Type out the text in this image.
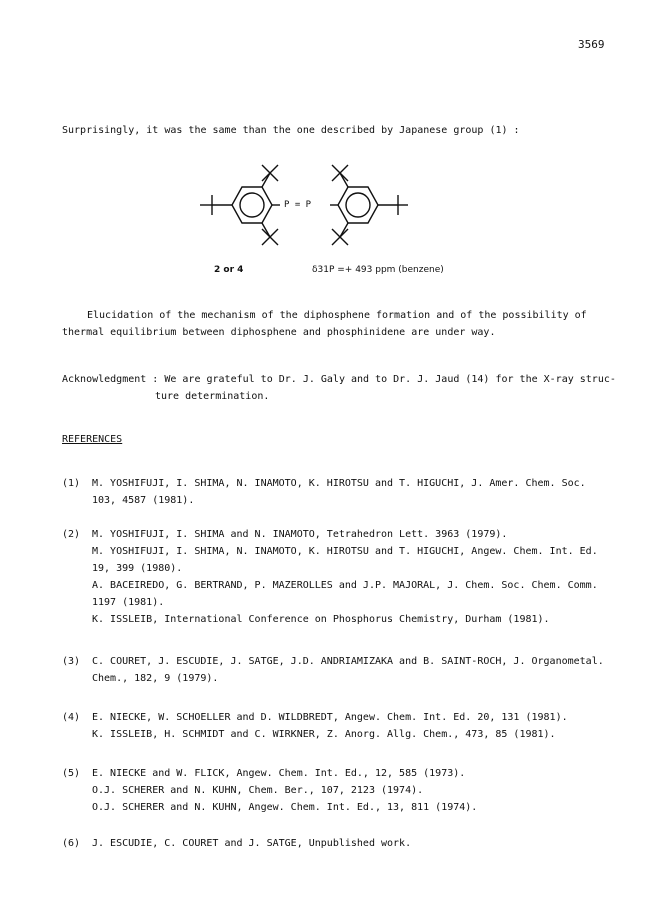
3569
Surprisingly, it was the same than the one described by Japanese group (1) :
P = P
2 or 4	δ31P =+ 493 ppm (benzene)
Elucidation of the mechanism of the diphosphene formation and of the possibility of
thermal equilibrium between diphosphene and phosphinidene are under way.
Acknowledgment : We are grateful to Dr. J. Galy and to Dr. J. Jaud (14) for the X-ray struc-
ture determination.
REFERENCES
(1) M. YOSHIFUJI, I. SHIMA, N. INAMOTO, K. HIROTSU and T. HIGUCHI, J. Amer. Chem. Soc.
103, 4587 (1981).
(2) M. YOSHIFUJI, I. SHIMA and N. INAMOTO, Tetrahedron Lett. 3963 (1979).
M. YOSHIFUJI, I. SHIMA, N. INAMOTO, K. HIROTSU and T. HIGUCHI, Angew. Chem. Int. Ed.
19, 399 (1980).
A. BACEIREDO, G. BERTRAND, P. MAZEROLLES and J.P. MAJORAL, J. Chem. Soc. Chem. Comm.
1197 (1981).
K. ISSLEIB, International Conference on Phosphorus Chemistry, Durham (1981).
(3) C. COURET, J. ESCUDIE, J. SATGE, J.D. ANDRIAMIZAKA and B. SAINT-ROCH, J. Organometal.
Chem., 182, 9 (1979).
(4) E. NIECKE, W. SCHOELLER and D. WILDBREDT, Angew. Chem. Int. Ed. 20, 131 (1981).
K. ISSLEIB, H. SCHMIDT and C. WIRKNER, Z. Anorg. Allg. Chem., 473, 85 (1981).
(5) E. NIECKE and W. FLICK, Angew. Chem. Int. Ed., 12, 585 (1973).
O.J. SCHERER and N. KUHN, Chem. Ber., 107, 2123 (1974).
O.J. SCHERER and N. KUHN, Angew. Chem. Int. Ed., 13, 811 (1974).
(6) J. ESCUDIE, C. COURET and J. SATGE, Unpublished work.
